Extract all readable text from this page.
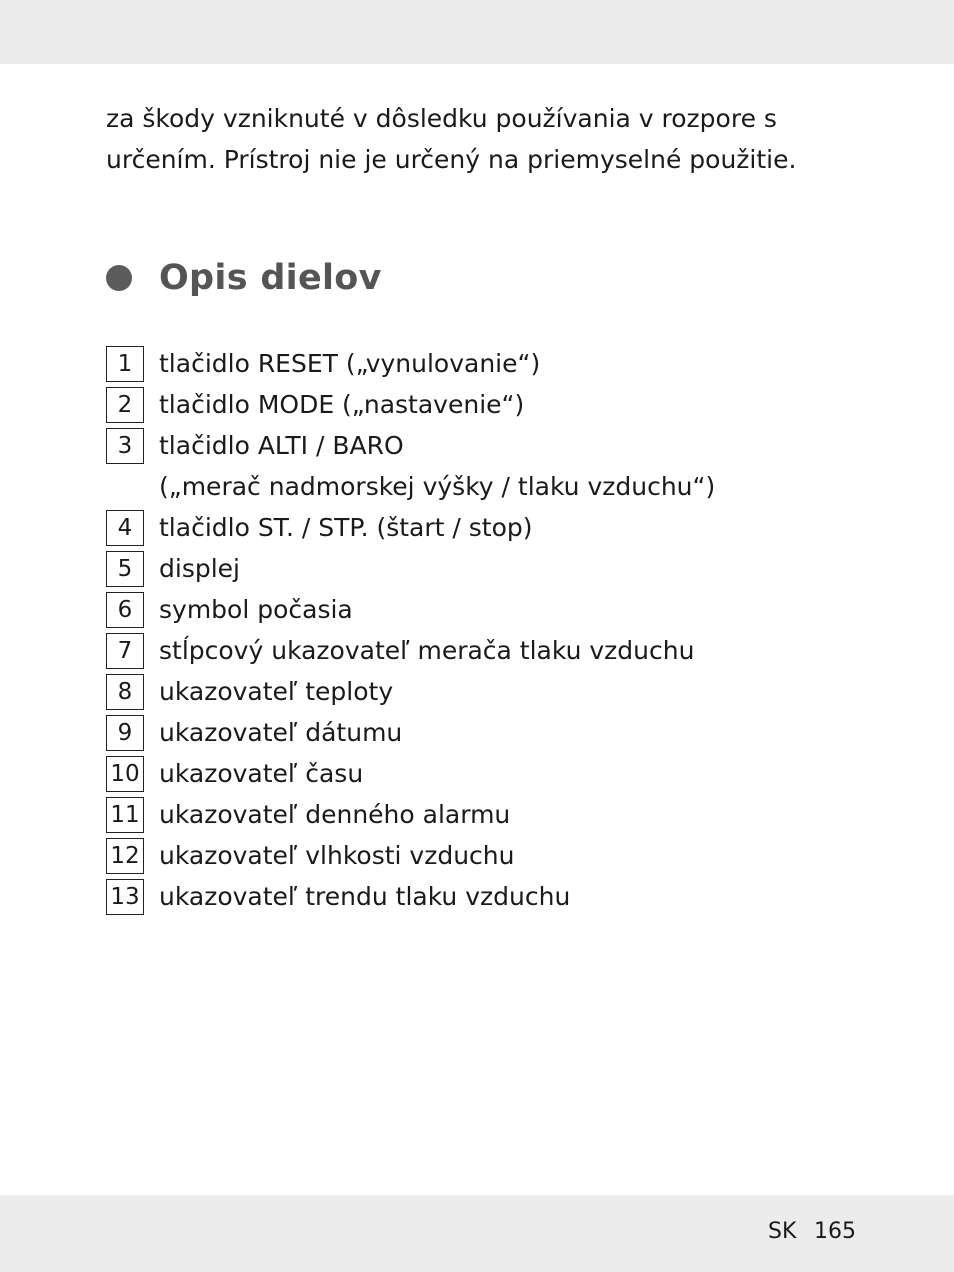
za škody vzniknuté v dôsledku používania v rozpore s určením. Prístroj nie je určený na priemyselné použitie.

Opis dielov
1	tlačidlo RESET („vynulovanie“)
2	tlačidlo MODE („nastavenie“)
3	tlačidlo ALTI / BARO
(„merač nadmorskej výšky / tlaku vzduchu“)
4	tlačidlo ST. / STP. (štart / stop)
5	displej
6	symbol počasia
7	stĺpcový ukazovateľ merača tlaku vzduchu
8	ukazovateľ teploty
9	ukazovateľ dátumu
10 ukazovateľ času
11 ukazovateľ denného alarmu
12 ukazovateľ vlhkosti vzduchu
13 ukazovateľ trendu tlaku vzduchu
SK 165
